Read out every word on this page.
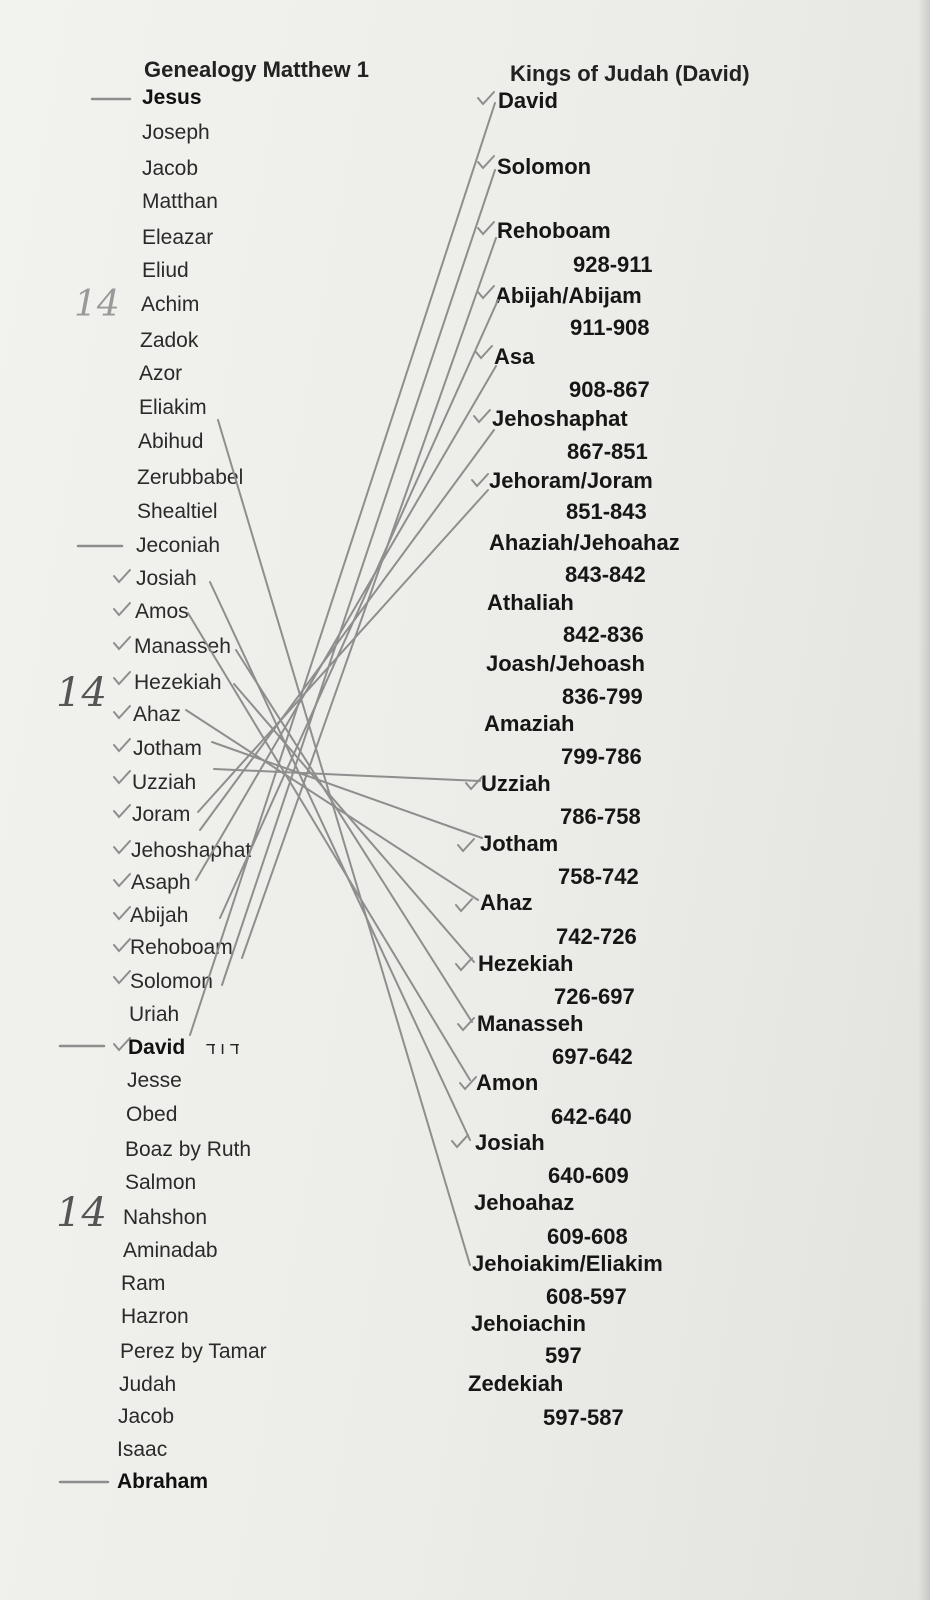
Genealogy Matthew 1	Kings of Judah (David)
Jesus
Joseph
Jacob
Matthan
Eleazar
Eliud
Achim
Zadok
Azor
Eliakim
Abihud
Zerubbabel
Shealtiel
Jeconiah
Josiah
Amos
Manasseh
Hezekiah
Ahaz
Jotham
Uzziah
Joram
Jehoshaphat
Asaph
Abijah
Rehoboam
Solomon
Uriah
David
Jesse
Obed
Boaz by Ruth
Salmon
Nahshon
Aminadab
Ram
Hazron
Perez by Tamar
Judah
Jacob
Isaac
Abraham
David
Solomon
Rehoboam
928-911
Abijah/Abijam
911-908
Asa
908-867
Jehoshaphat
867-851
Jehoram/Joram
851-843
Ahaziah/Jehoahaz
843-842
Athaliah
842-836
Joash/Jehoash
836-799
Amaziah
799-786
Uzziah
786-758
Jotham
758-742
Ahaz
742-726
Hezekiah
726-697
Manasseh
697-642
Amon
642-640
Josiah
640-609
Jehoahaz
609-608
Jehoiakim/Eliakim
608-597
Jehoiachin
597
Zedekiah
597-587
דוד
14
14
14
